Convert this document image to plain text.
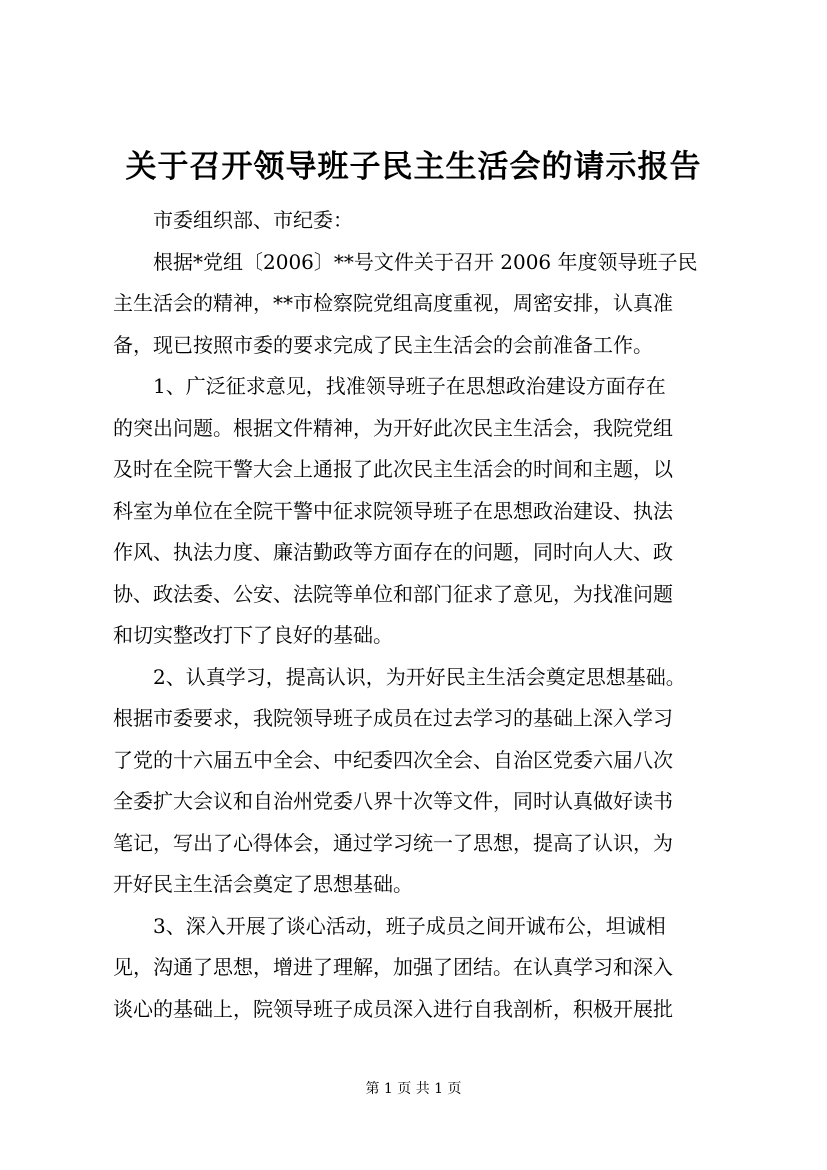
关于召开领导班子民主生活会的请示报告
市委组织部、市纪委：
根据*党组〔2006〕**号文件关于召开 2006 年度领导班子民
主生活会的精神，**市检察院党组高度重视，周密安排，认真准
备，现已按照市委的要求完成了民主生活会的会前准备工作。
1、广泛征求意见，找准领导班子在思想政治建设方面存在
的突出问题。根据文件精神，为开好此次民主生活会，我院党组
及时在全院干警大会上通报了此次民主生活会的时间和主题，以
科室为单位在全院干警中征求院领导班子在思想政治建设、执法
作风、执法力度、廉洁勤政等方面存在的问题，同时向人大、政
协、政法委、公安、法院等单位和部门征求了意见，为找准问题
和切实整改打下了良好的基础。
2、认真学习，提高认识，为开好民主生活会奠定思想基础。
根据市委要求，我院领导班子成员在过去学习的基础上深入学习
了党的十六届五中全会、中纪委四次全会、自治区党委六届八次
全委扩大会议和自治州党委八界十次等文件，同时认真做好读书
笔记，写出了心得体会，通过学习统一了思想，提高了认识，为
开好民主生活会奠定了思想基础。
3、深入开展了谈心活动，班子成员之间开诚布公，坦诚相
见，沟通了思想，增进了理解，加强了团结。在认真学习和深入
谈心的基础上，院领导班子成员深入进行自我剖析，积极开展批
第 1 页 共 1 页
